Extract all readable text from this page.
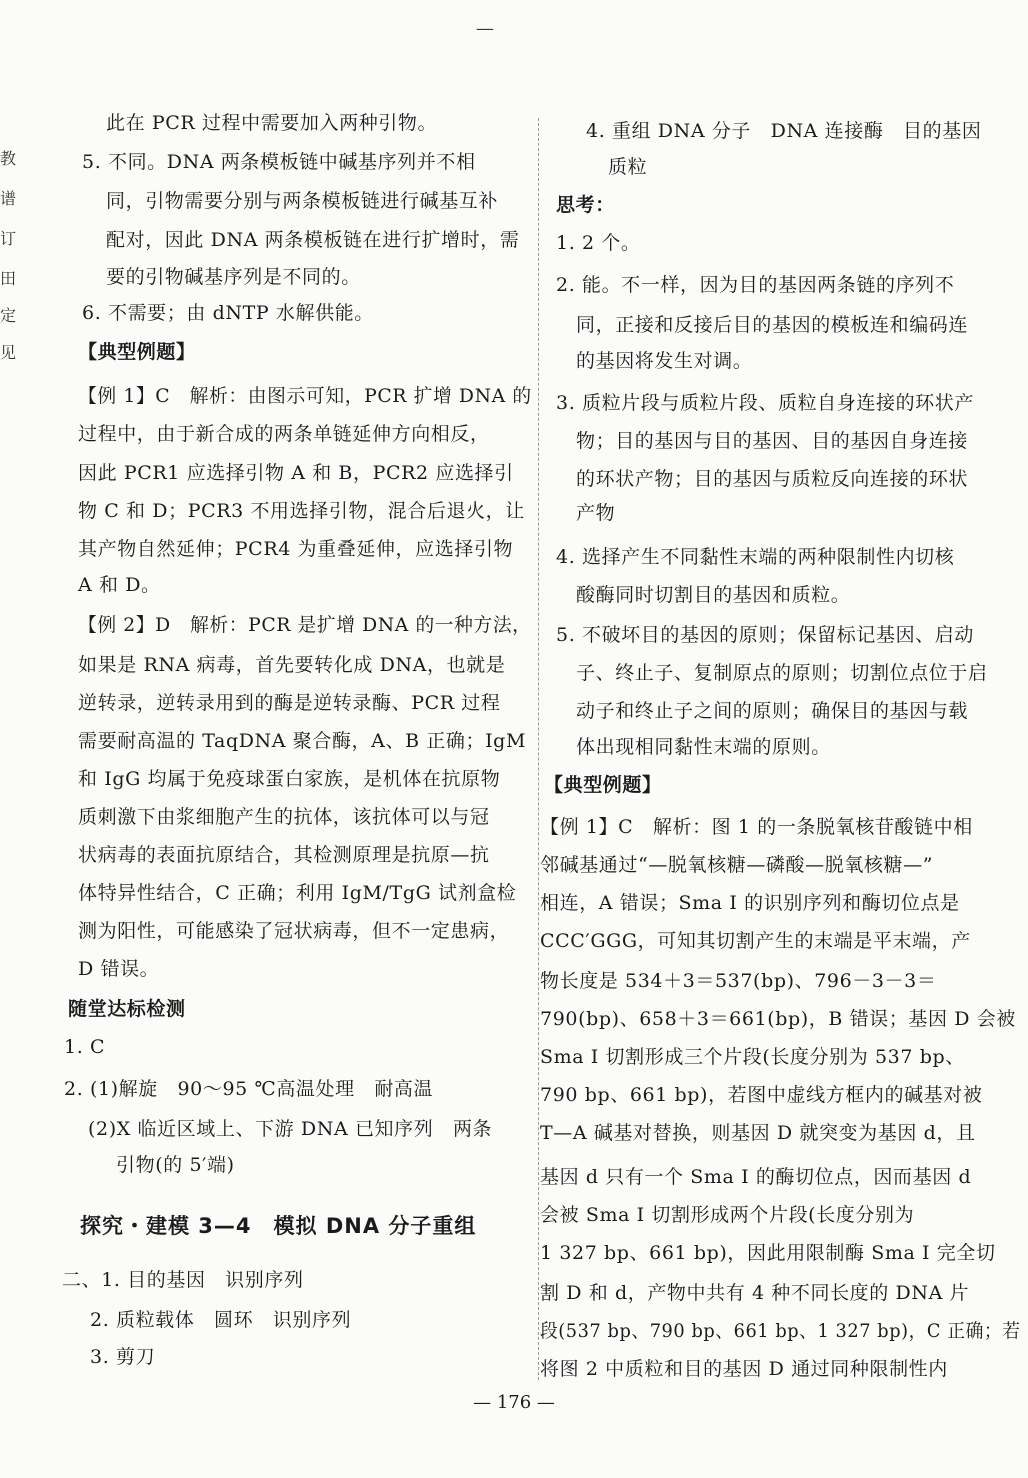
—
教
谱
订
田
定
见
此在 PCR 过程中需要加入两种引物。
5. 不同。DNA 两条模板链中碱基序列并不相
同，引物需要分别与两条模板链进行碱基互补
配对，因此 DNA 两条模板链在进行扩增时，需
要的引物碱基序列是不同的。
6. 不需要；由 dNTP 水解供能。
【典型例题】
【例 1】C　解析：由图示可知，PCR 扩增 DNA 的
过程中，由于新合成的两条单链延伸方向相反，
因此 PCR1 应选择引物 A 和 B，PCR2 应选择引
物 C 和 D；PCR3 不用选择引物，混合后退火，让
其产物自然延伸；PCR4 为重叠延伸，应选择引物
A 和 D。
【例 2】D　解析：PCR 是扩增 DNA 的一种方法，
如果是 RNA 病毒，首先要转化成 DNA，也就是
逆转录，逆转录用到的酶是逆转录酶、PCR 过程
需要耐高温的 TaqDNA 聚合酶，A、B 正确；IgM
和 IgG 均属于免疫球蛋白家族，是机体在抗原物
质刺激下由浆细胞产生的抗体，该抗体可以与冠
状病毒的表面抗原结合，其检测原理是抗原—抗
体特异性结合，C 正确；利用 IgM/TgG 试剂盒检
测为阳性，可能感染了冠状病毒，但不一定患病，
D 错误。
随堂达标检测
1. C
2. (1)解旋　90～95 ℃高温处理　耐高温
(2)X 临近区域上、下游 DNA 已知序列　两条
引物(的 5′端)
探究・建模 3—4　模拟 DNA 分子重组
二、1. 目的基因　识别序列
2. 质粒载体　圆环　识别序列
3. 剪刀
4. 重组 DNA 分子　DNA 连接酶　目的基因
质粒
思考：
1. 2 个。
2. 能。不一样，因为目的基因两条链的序列不
同，正接和反接后目的基因的模板连和编码连
的基因将发生对调。
3. 质粒片段与质粒片段、质粒自身连接的环状产
物；目的基因与目的基因、目的基因自身连接
的环状产物；目的基因与质粒反向连接的环状
产物
4. 选择产生不同黏性末端的两种限制性内切核
酸酶同时切割目的基因和质粒。
5. 不破坏目的基因的原则；保留标记基因、启动
子、终止子、复制原点的原则；切割位点位于启
动子和终止子之间的原则；确保目的基因与载
体出现相同黏性末端的原则。
【典型例题】
【例 1】C　解析：图 1 的一条脱氧核苷酸链中相
邻碱基通过“—脱氧核糖—磷酸—脱氧核糖—”
相连，A 错误；Sma Ⅰ 的识别序列和酶切位点是
CCC′GGG，可知其切割产生的末端是平末端，产
物长度是 534＋3＝537(bp)、796－3－3＝
790(bp)、658＋3＝661(bp)，B 错误；基因 D 会被
Sma Ⅰ 切割形成三个片段(长度分别为 537 bp、
790 bp、661 bp)，若图中虚线方框内的碱基对被
T—A 碱基对替换，则基因 D 就突变为基因 d，且
基因 d 只有一个 Sma Ⅰ 的酶切位点，因而基因 d
会被 Sma Ⅰ 切割形成两个片段(长度分别为
1 327 bp、661 bp)，因此用限制酶 Sma Ⅰ 完全切
割 D 和 d，产物中共有 4 种不同长度的 DNA 片
段(537 bp、790 bp、661 bp、1 327 bp)，C 正确；若
将图 2 中质粒和目的基因 D 通过同种限制性内
— 176 —
